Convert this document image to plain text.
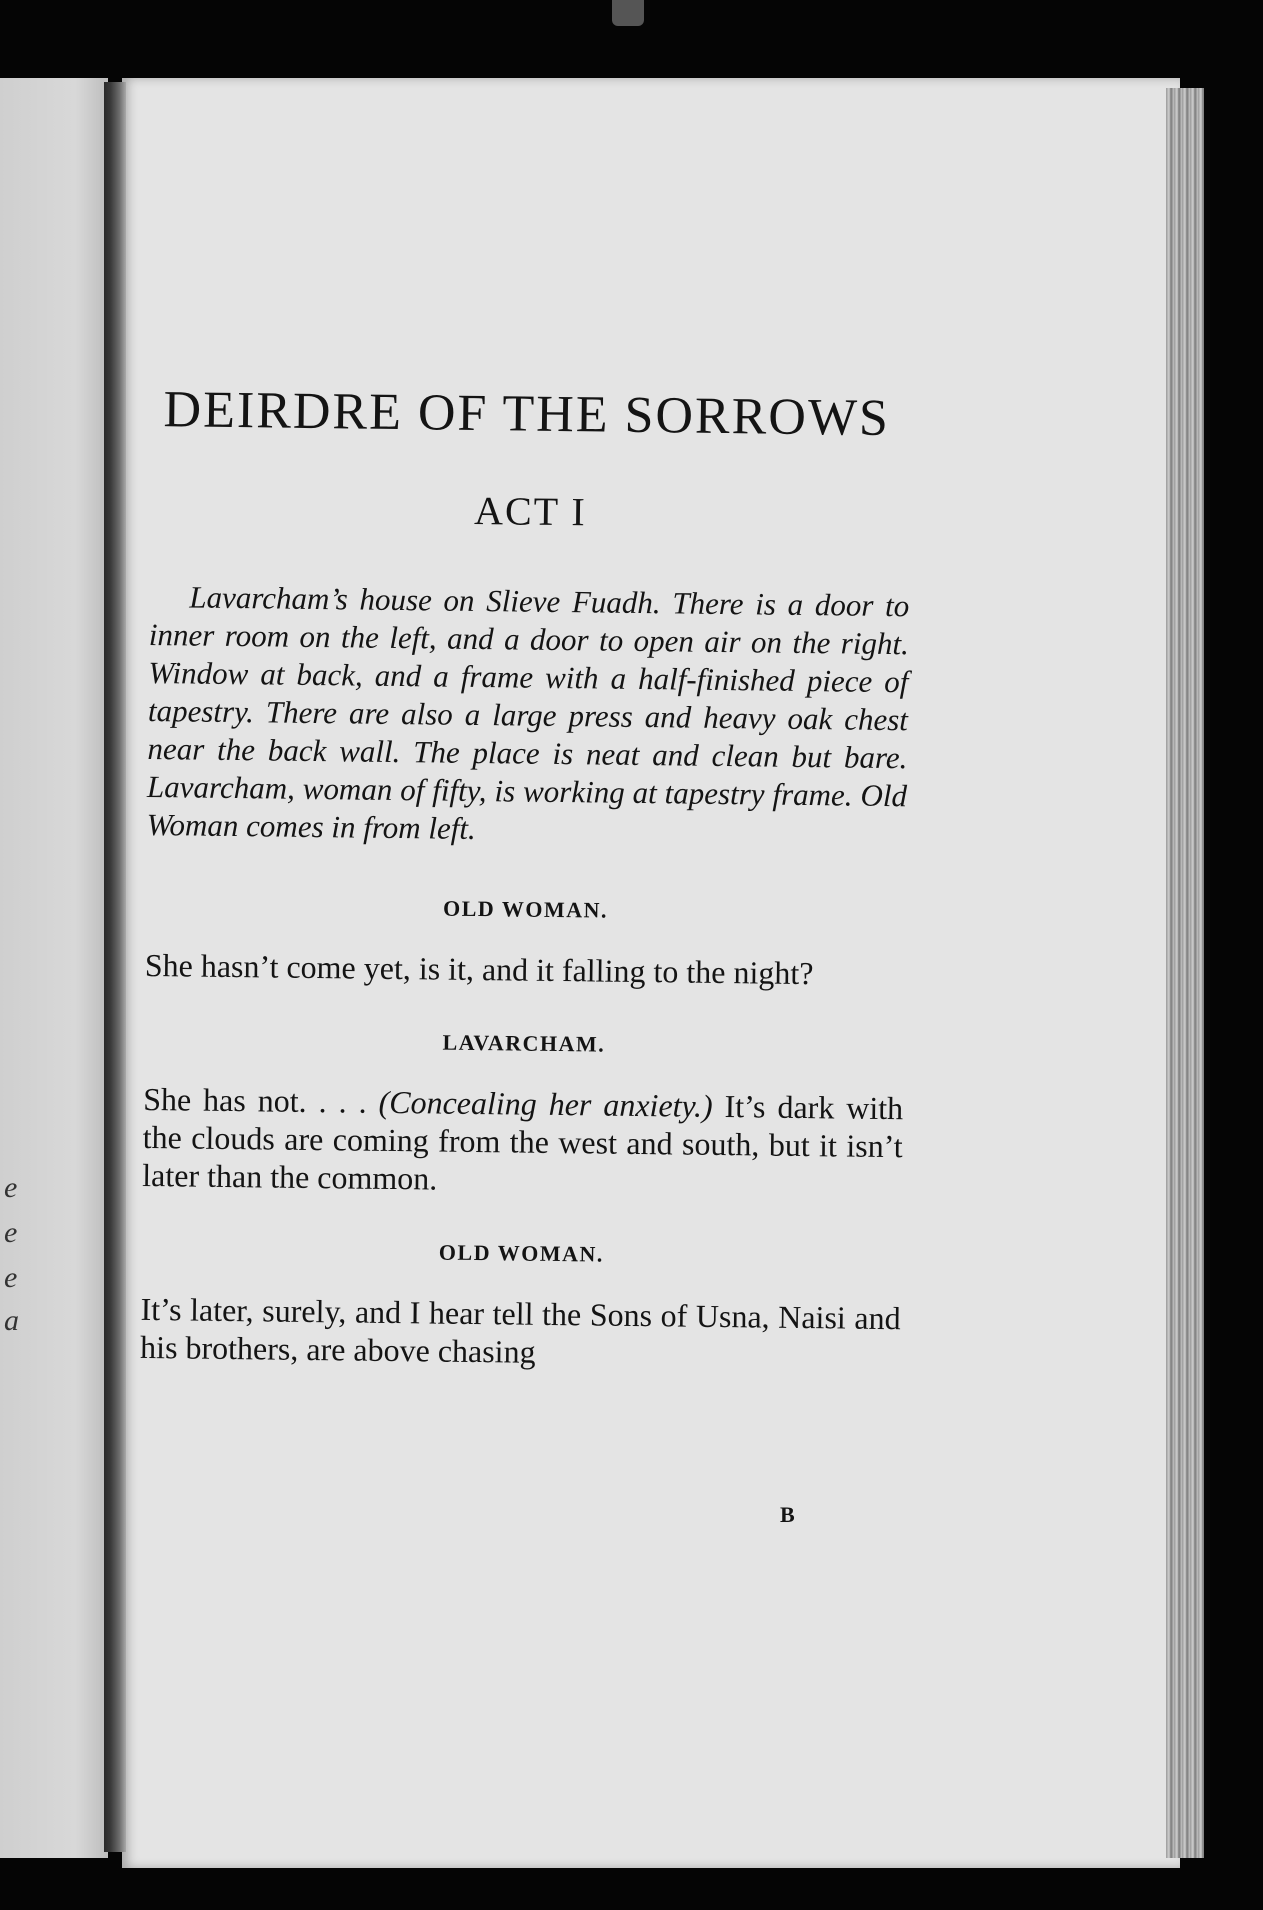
e
e
e
a
DEIRDRE OF THE SORROWS
ACT I

Lavarcham’s house on Slieve Fuadh. There is a door to inner room on the left, and a door to open air on the right. Window at back, and a frame with a half-finished piece of tapestry. There are also a large press and heavy oak chest near the back wall. The place is neat and clean but bare. Lavarcham, woman of fifty, is working at tapestry frame. Old Woman comes in from left.

OLD WOMAN.

She hasn’t come yet, is it, and it falling to the night?

LAVARCHAM.

She has not. . . . (Concealing her anxiety.) It’s dark with the clouds are coming from the west and south, but it isn’t later than the common.

OLD WOMAN.

It’s later, surely, and I hear tell the Sons of Usna, Naisi and his brothers, are above chasing

B
